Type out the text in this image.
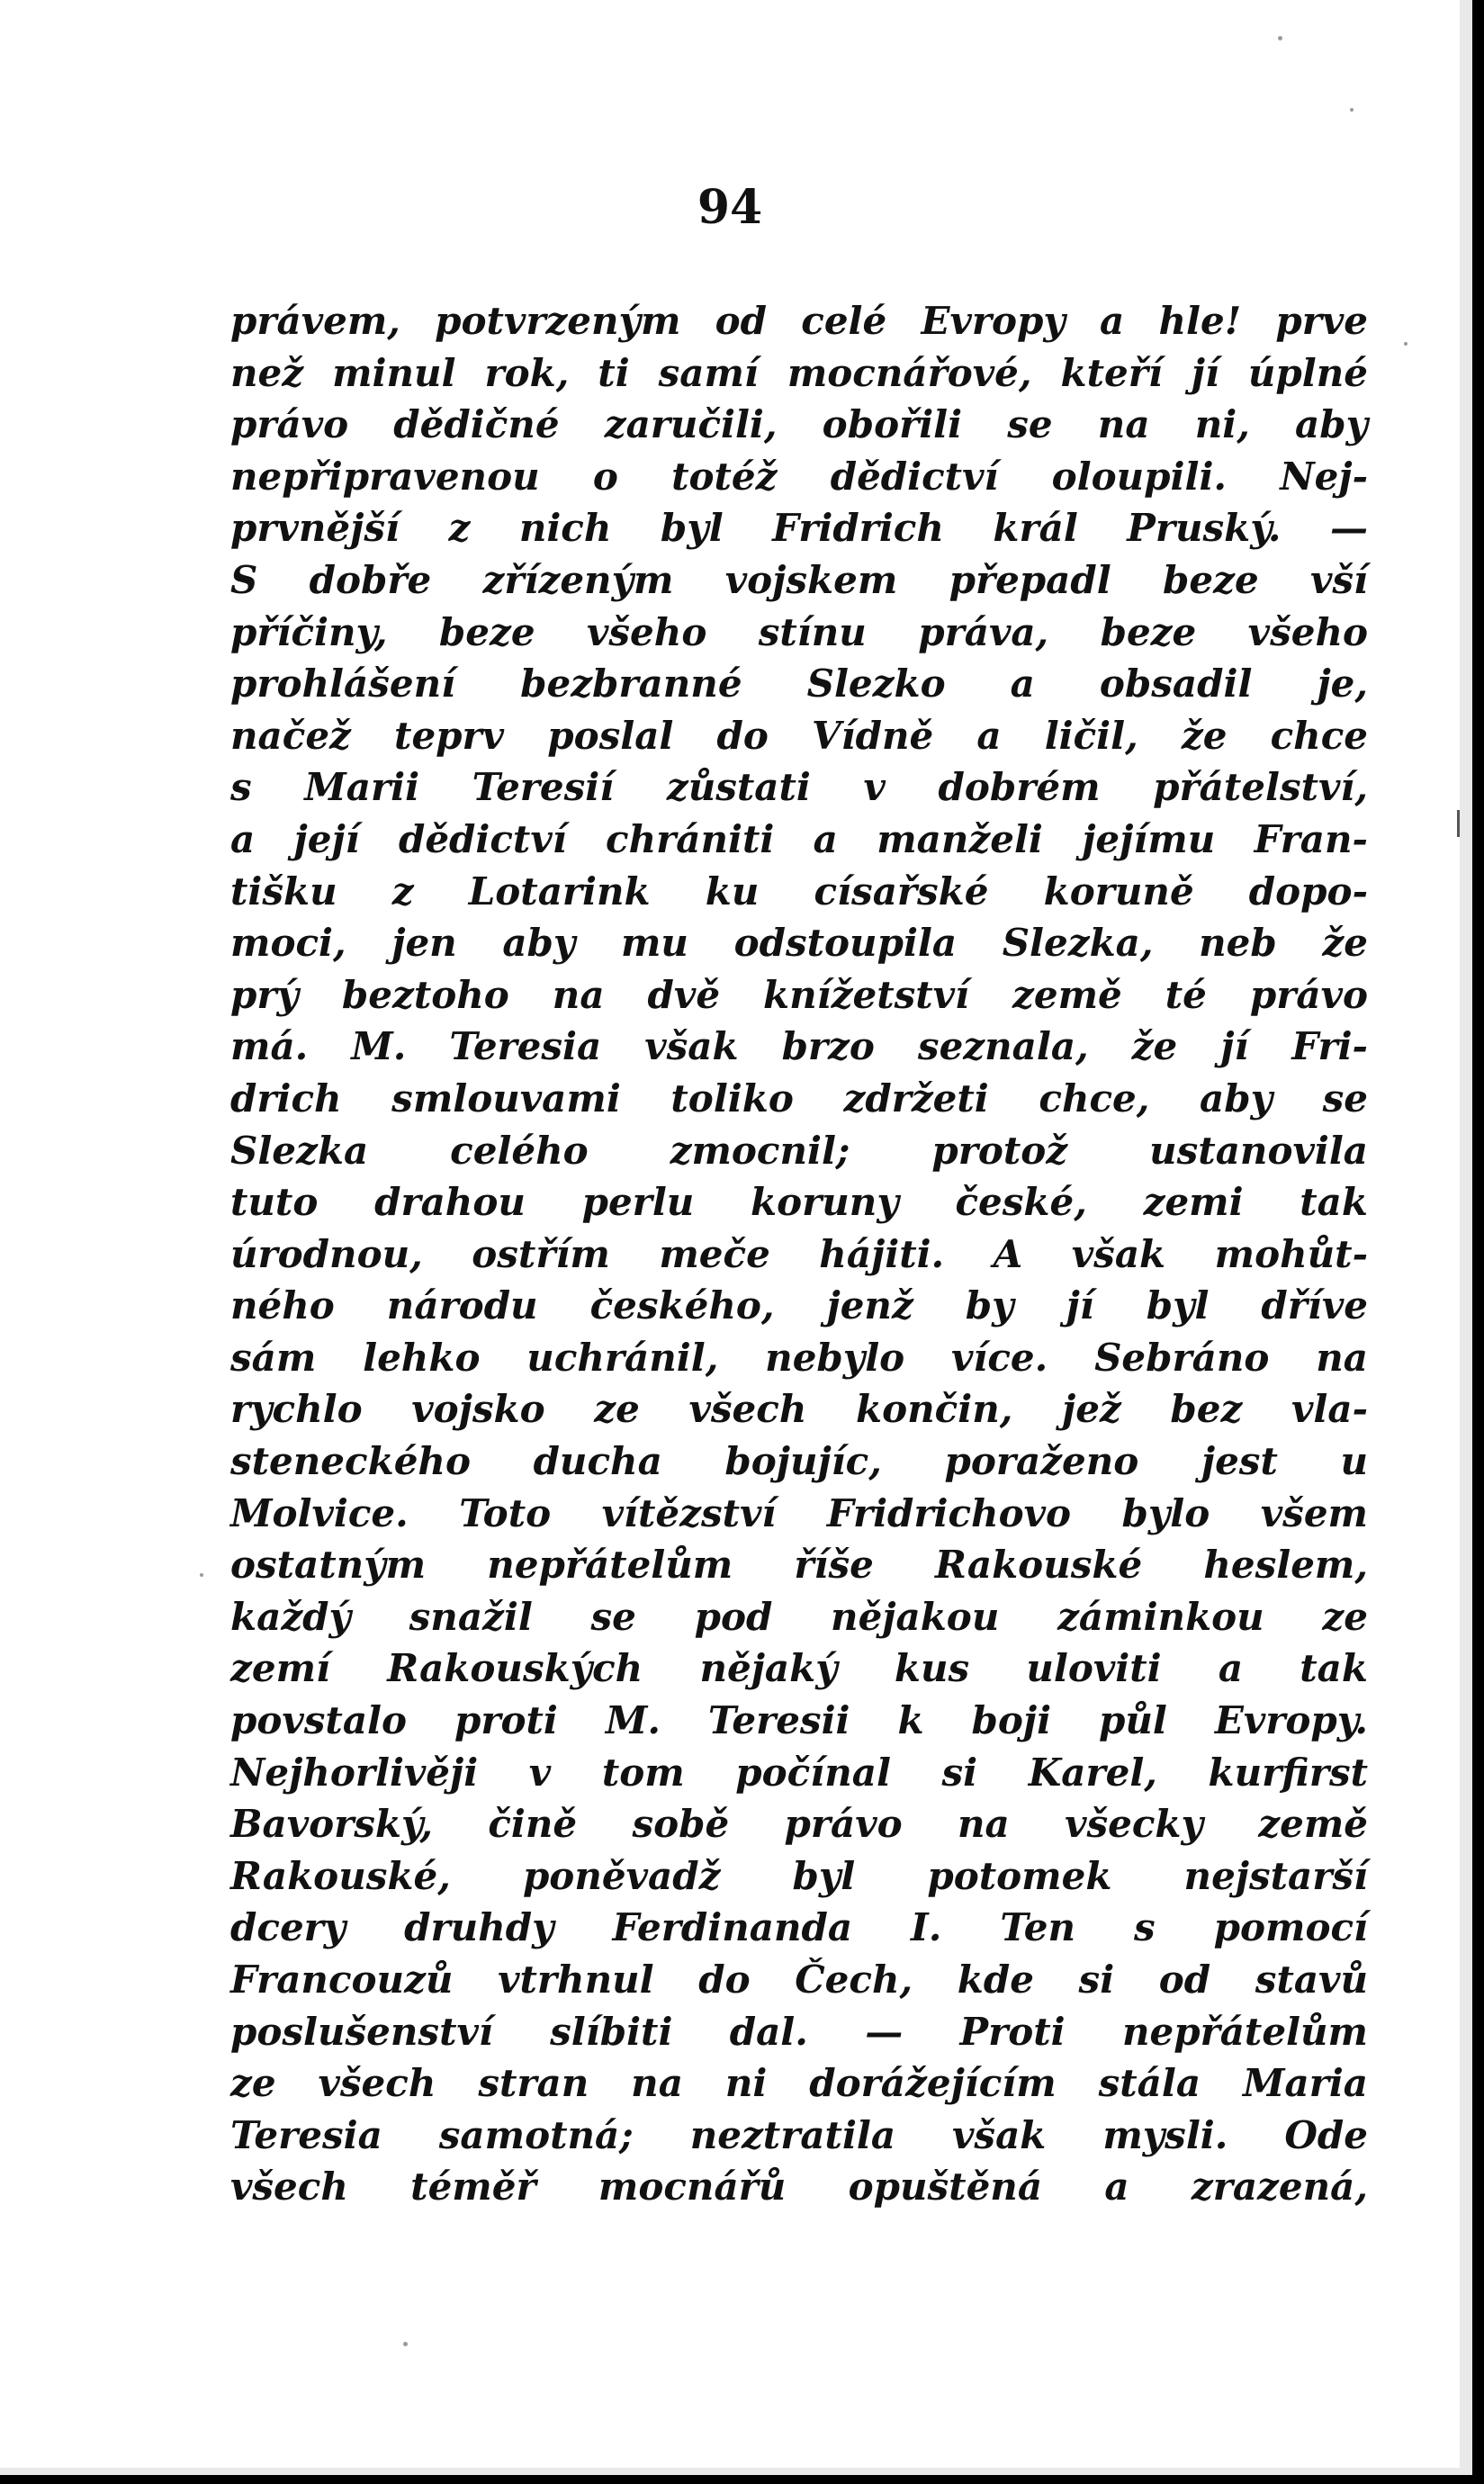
94
právem, potvrzeným od celé Evropy a hle! prve
než minul rok, ti samí mocnářové, kteří jí úplné
právo dědičné zaručili, obořili se na ni, aby
nepřipravenou o totéž dědictví oloupili. Nej-
prvnější z nich byl Fridrich král Pruský. —
S dobře zřízeným vojskem přepadl beze vší
příčiny, beze všeho stínu práva, beze všeho
prohlášení bezbranné Slezko a obsadil je,
načež teprv poslal do Vídně a ličil, že chce
s Marii Teresií zůstati v dobrém přátelství,
a její dědictví chrániti a manželi jejímu Fran-
tišku z Lotarink ku císařské koruně dopo-
moci, jen aby mu odstoupila Slezka, neb že
prý beztoho na dvě knížetství země té právo
má. M. Teresia však brzo seznala, že jí Fri-
drich smlouvami toliko zdržeti chce, aby se
Slezka celého zmocnil; protož ustanovila
tuto drahou perlu koruny české, zemi tak
úrodnou, ostřím meče hájiti. A však mohůt-
ného národu českého, jenž by jí byl dříve
sám lehko uchránil, nebylo více. Sebráno na
rychlo vojsko ze všech končin, jež bez vla-
steneckého ducha bojujíc, poraženo jest u
Molvice. Toto vítězství Fridrichovo bylo všem
ostatným nepřátelům říše Rakouské heslem,
každý snažil se pod nějakou záminkou ze
zemí Rakouských nějaký kus uloviti a tak
povstalo proti M. Teresii k boji půl Evropy.
Nejhorlivěji v tom počínal si Karel, kurfirst
Bavorský, čině sobě právo na všecky země
Rakouské, poněvadž byl potomek nejstarší
dcery druhdy Ferdinanda I. Ten s pomocí
Francouzů vtrhnul do Čech, kde si od stavů
poslušenství slíbiti dal. — Proti nepřátelům
ze všech stran na ni dorážejícím stála Maria
Teresia samotná; neztratila však mysli. Ode
všech téměř mocnářů opuštěná a zrazená,
